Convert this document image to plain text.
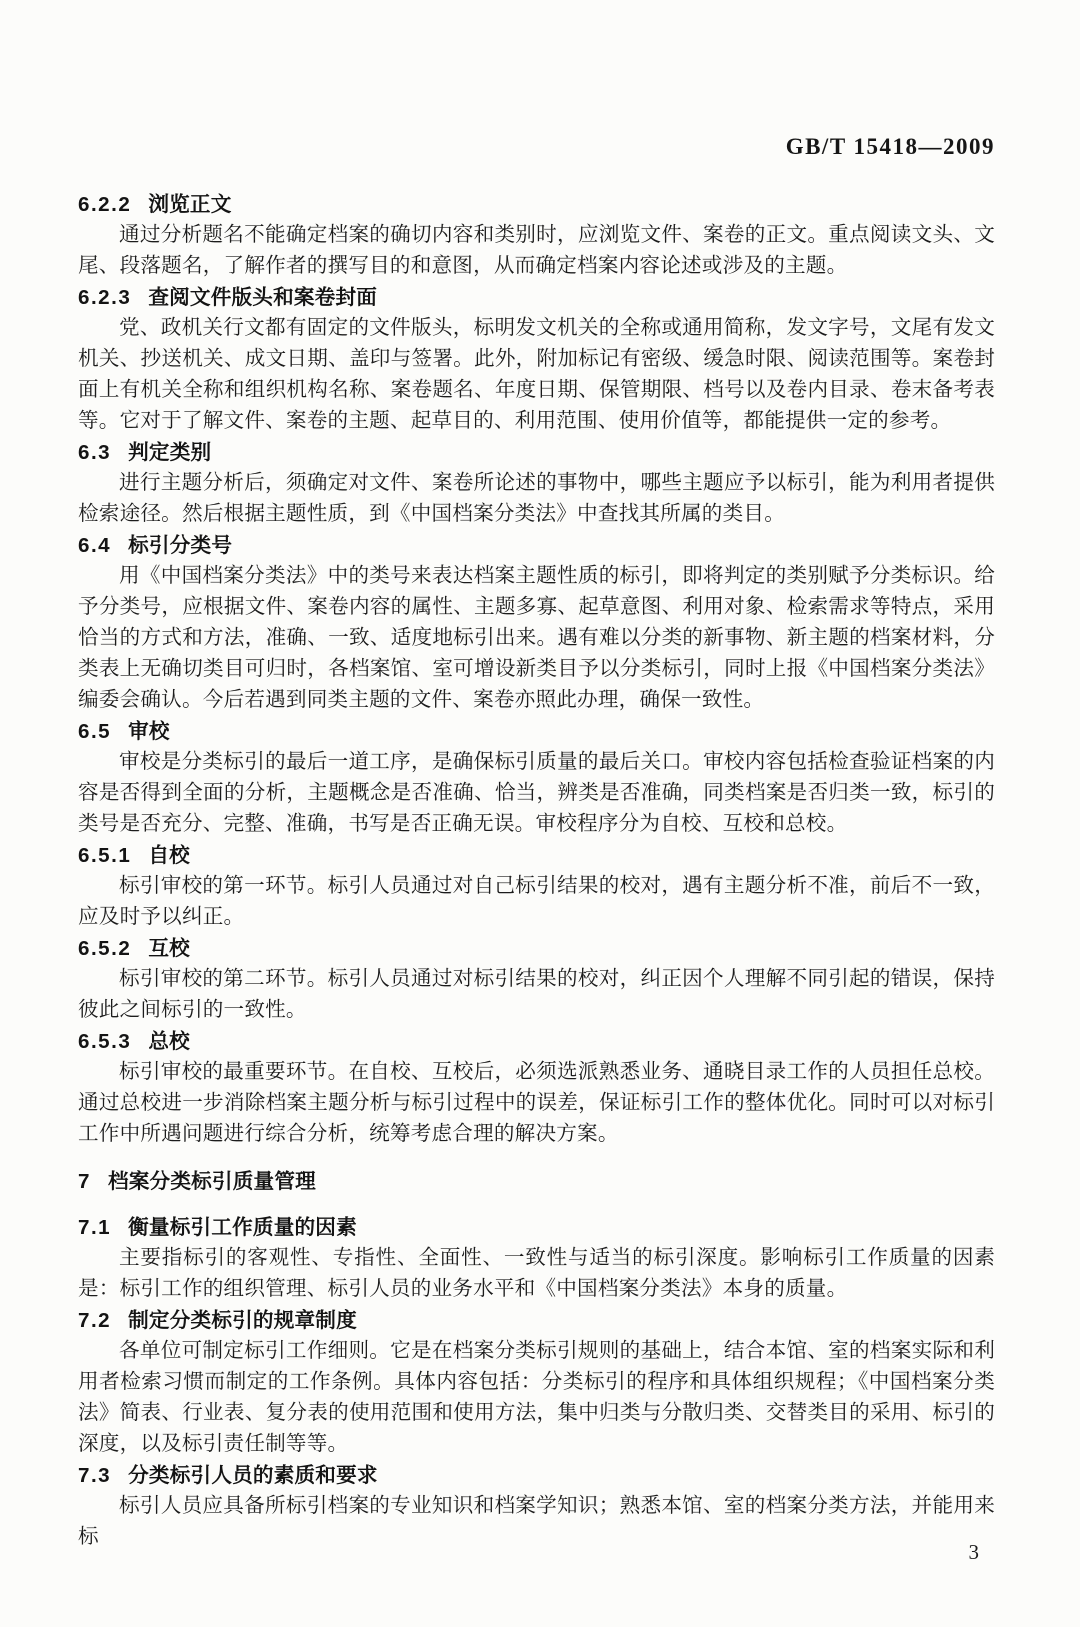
GB/T 15418—2009
6.2.2 浏览正文

通过分析题名不能确定档案的确切内容和类别时，应浏览文件、案卷的正文。重点阅读文头、文尾、段落题名，了解作者的撰写目的和意图，从而确定档案内容论述或涉及的主题。

6.2.3 查阅文件版头和案卷封面

党、政机关行文都有固定的文件版头，标明发文机关的全称或通用简称，发文字号，文尾有发文机关、抄送机关、成文日期、盖印与签署。此外，附加标记有密级、缓急时限、阅读范围等。案卷封面上有机关全称和组织机构名称、案卷题名、年度日期、保管期限、档号以及卷内目录、卷末备考表等。它对于了解文件、案卷的主题、起草目的、利用范围、使用价值等，都能提供一定的参考。

6.3 判定类别

进行主题分析后，须确定对文件、案卷所论述的事物中，哪些主题应予以标引，能为利用者提供检索途径。然后根据主题性质，到《中国档案分类法》中查找其所属的类目。

6.4 标引分类号

用《中国档案分类法》中的类号来表达档案主题性质的标引，即将判定的类别赋予分类标识。给予分类号，应根据文件、案卷内容的属性、主题多寡、起草意图、利用对象、检索需求等特点，采用恰当的方式和方法，准确、一致、适度地标引出来。遇有难以分类的新事物、新主题的档案材料，分类表上无确切类目可归时，各档案馆、室可增设新类目予以分类标引，同时上报《中国档案分类法》编委会确认。今后若遇到同类主题的文件、案卷亦照此办理，确保一致性。

6.5 审校

审校是分类标引的最后一道工序，是确保标引质量的最后关口。审校内容包括检查验证档案的内容是否得到全面的分析，主题概念是否准确、恰当，辨类是否准确，同类档案是否归类一致，标引的类号是否充分、完整、准确，书写是否正确无误。审校程序分为自校、互校和总校。

6.5.1 自校

标引审校的第一环节。标引人员通过对自己标引结果的校对，遇有主题分析不准，前后不一致，应及时予以纠正。

6.5.2 互校

标引审校的第二环节。标引人员通过对标引结果的校对，纠正因个人理解不同引起的错误，保持彼此之间标引的一致性。

6.5.3 总校

标引审校的最重要环节。在自校、互校后，必须选派熟悉业务、通晓目录工作的人员担任总校。通过总校进一步消除档案主题分析与标引过程中的误差，保证标引工作的整体优化。同时可以对标引工作中所遇问题进行综合分析，统筹考虑合理的解决方案。

7 档案分类标引质量管理
7.1 衡量标引工作质量的因素

主要指标引的客观性、专指性、全面性、一致性与适当的标引深度。影响标引工作质量的因素是：标引工作的组织管理、标引人员的业务水平和《中国档案分类法》本身的质量。

7.2 制定分类标引的规章制度

各单位可制定标引工作细则。它是在档案分类标引规则的基础上，结合本馆、室的档案实际和利用者检索习惯而制定的工作条例。具体内容包括：分类标引的程序和具体组织规程；《中国档案分类法》简表、行业表、复分表的使用范围和使用方法，集中归类与分散归类、交替类目的采用、标引的深度，以及标引责任制等等。

7.3 分类标引人员的素质和要求

标引人员应具备所标引档案的专业知识和档案学知识；熟悉本馆、室的档案分类方法，并能用来标

3
